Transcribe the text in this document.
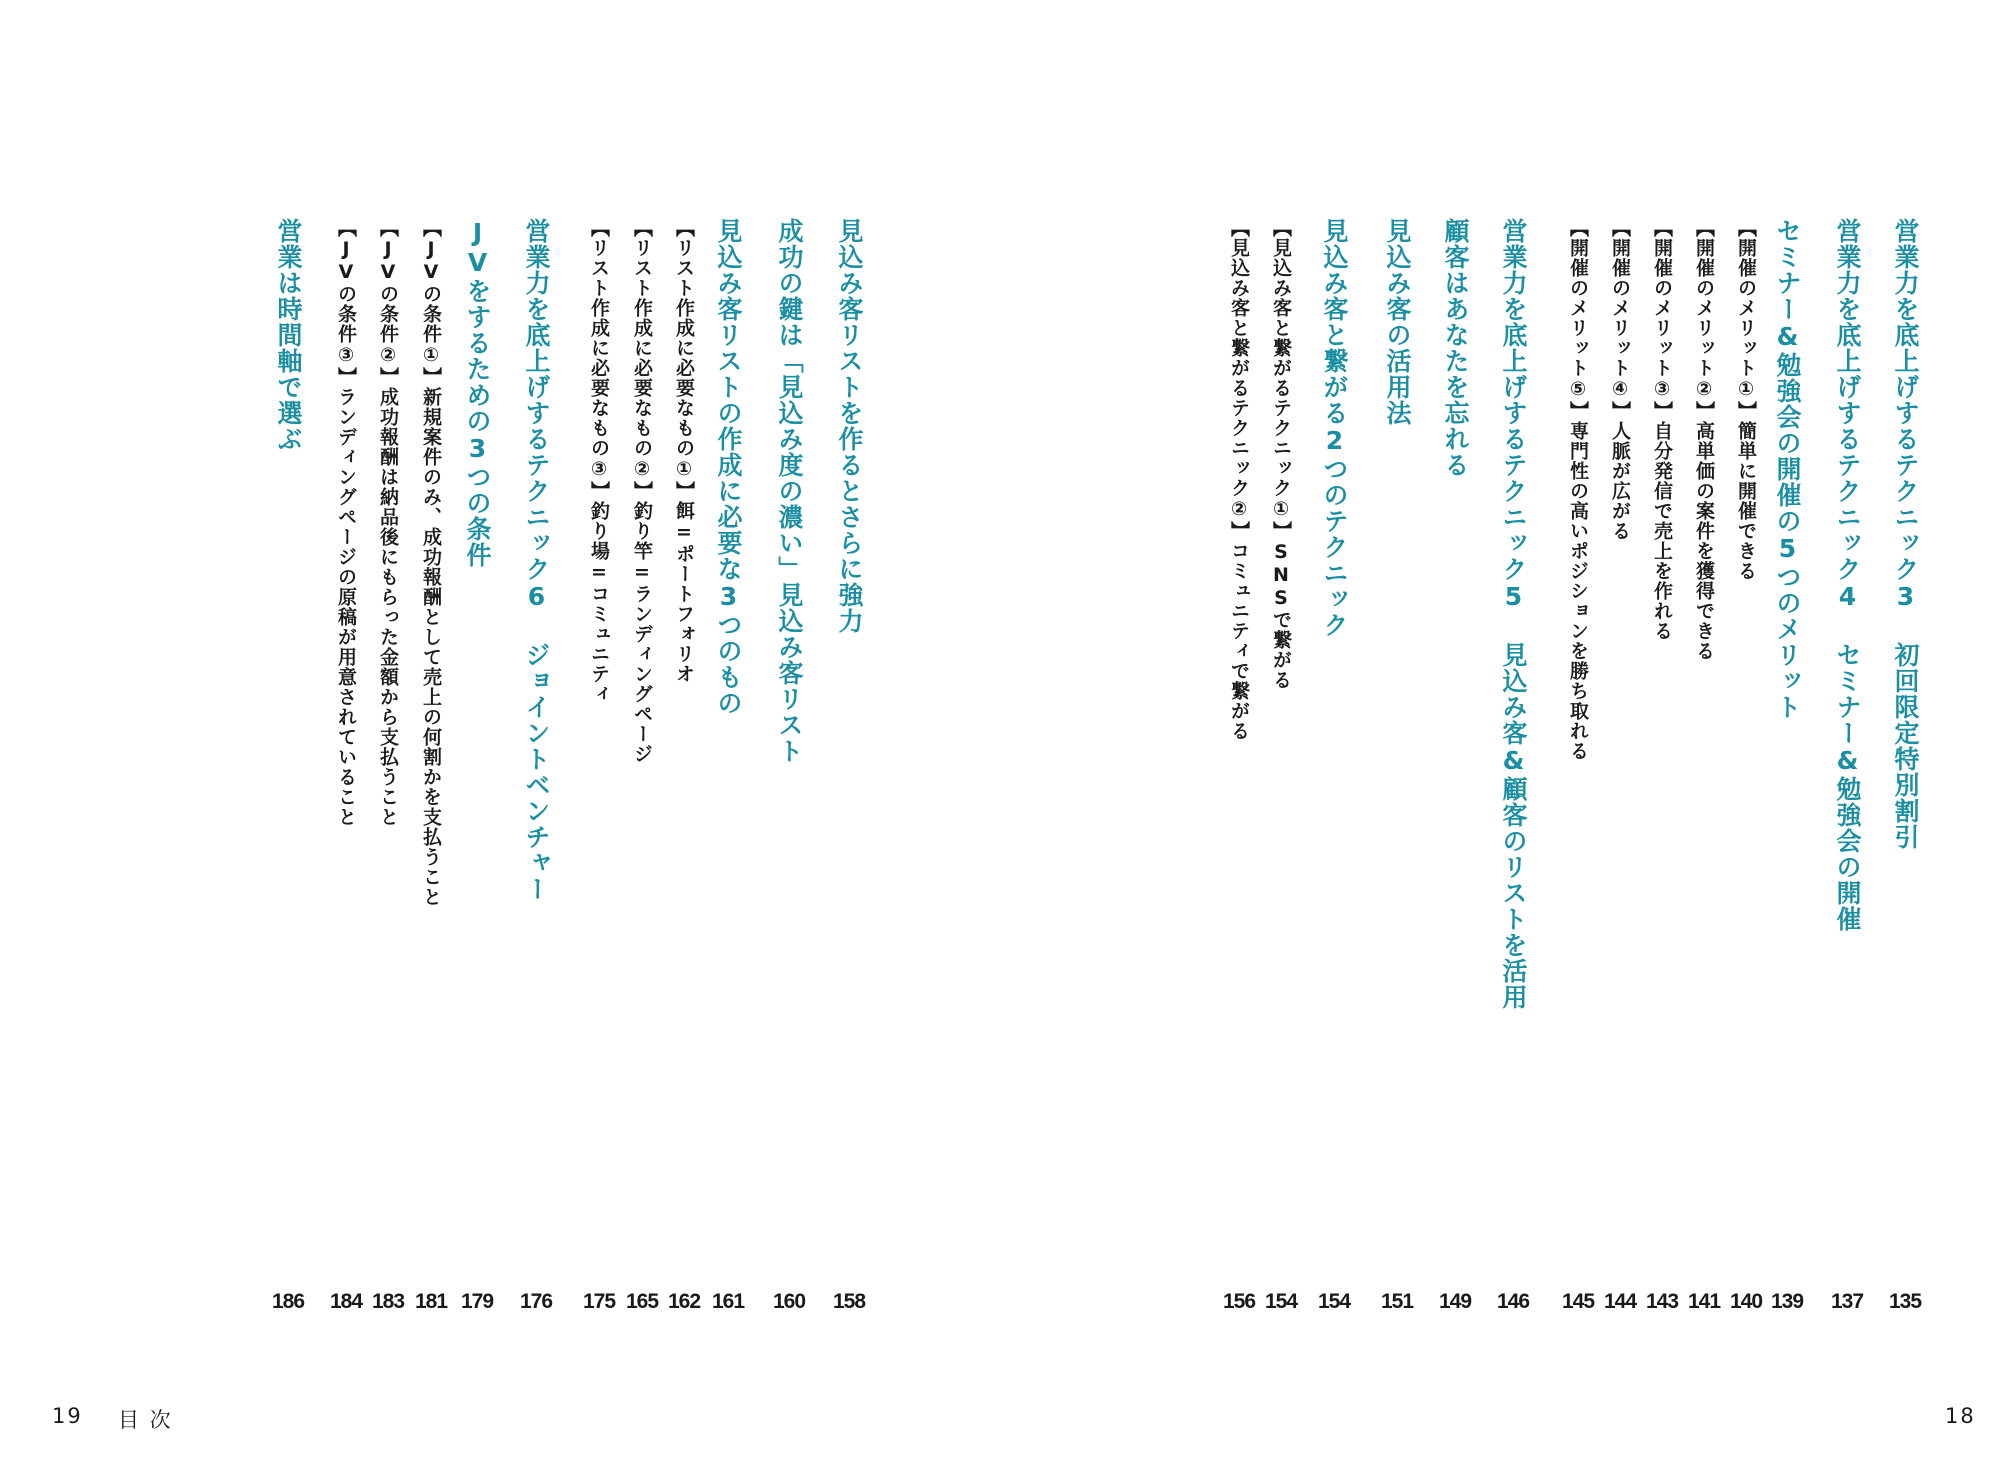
見込み客リストを作るとさらに強力
158
成功の鍵は「見込み度の濃い」見込み客リスト
160
見込み客リストの作成に必要な3つのもの
161
【リスト作成に必要なもの①】餌=ポートフォリオ
162
【リスト作成に必要なもの②】釣り竿=ランディングページ
165
【リスト作成に必要なもの③】釣り場=コミュニティ
175
営業力を底上げするテクニック6 ジョイントベンチャー
176
JVをするための3つの条件
179
【JVの条件①】新規案件のみ、成功報酬として売上の何割かを支払うこと
181
【JVの条件②】成功報酬は納品後にもらった金額から支払うこと
183
【JVの条件③】ランディングページの原稿が用意されていること
184
営業は時間軸で選ぶ
186
19 目 次
営業力を底上げするテクニック3 初回限定特別割引
135
営業力を底上げするテクニック4 セミナー&勉強会の開催
137
セミナー&勉強会の開催の5つのメリット
139
【開催のメリット①】簡単に開催できる
140
【開催のメリット②】高単価の案件を獲得できる
141
【開催のメリット③】自分発信で売上を作れる
143
【開催のメリット④】人脈が広がる
144
【開催のメリット⑤】専門性の高いポジションを勝ち取れる
145
営業力を底上げするテクニック5 見込み客&顧客のリストを活用
146
顧客はあなたを忘れる
149
見込み客の活用法
151
見込み客と繋がる2つのテクニック
154
【見込み客と繋がるテクニック①】SNSで繋がる
154
【見込み客と繋がるテクニック②】コミュニティで繋がる
156
18
